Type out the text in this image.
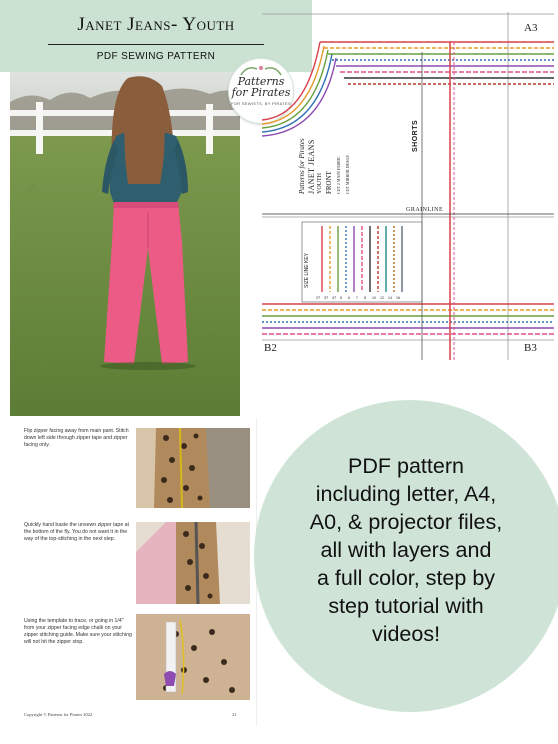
Janet Jeans- Youth
PDF SEWING PATTERN
Patterns
for Pirates
FOR SEWISTS, BY PIRATES
A3
B2	B3
GRAINLINE
SHORTS
Patterns for Pirates JANET JEANS YOUTH FRONT CUT 2 MAIN FABRIC	CUT MIRROR IMAGE
SIZE LINE KEY
2T	3T	4T	5	6	7	8	10	12	14	16
Flip zipper facing away from main pant. Stitch down left side through zipper tape and zipper facing only.
Quickly hand baste the unsewn zipper tape at the bottom of the fly. You do not want it in the way of the top-stitching in the next step.
Using the template to trace, or going in 1/4" from your zipper facing edge chalk on your zipper stitching guide. Make sure your stitching will not hit the zipper stop.
Copyright © Patterns for Pirates 2022	21
PDF pattern
including letter, A4,
A0, & projector files,
all with layers and
a full color, step by
step tutorial with
videos!
